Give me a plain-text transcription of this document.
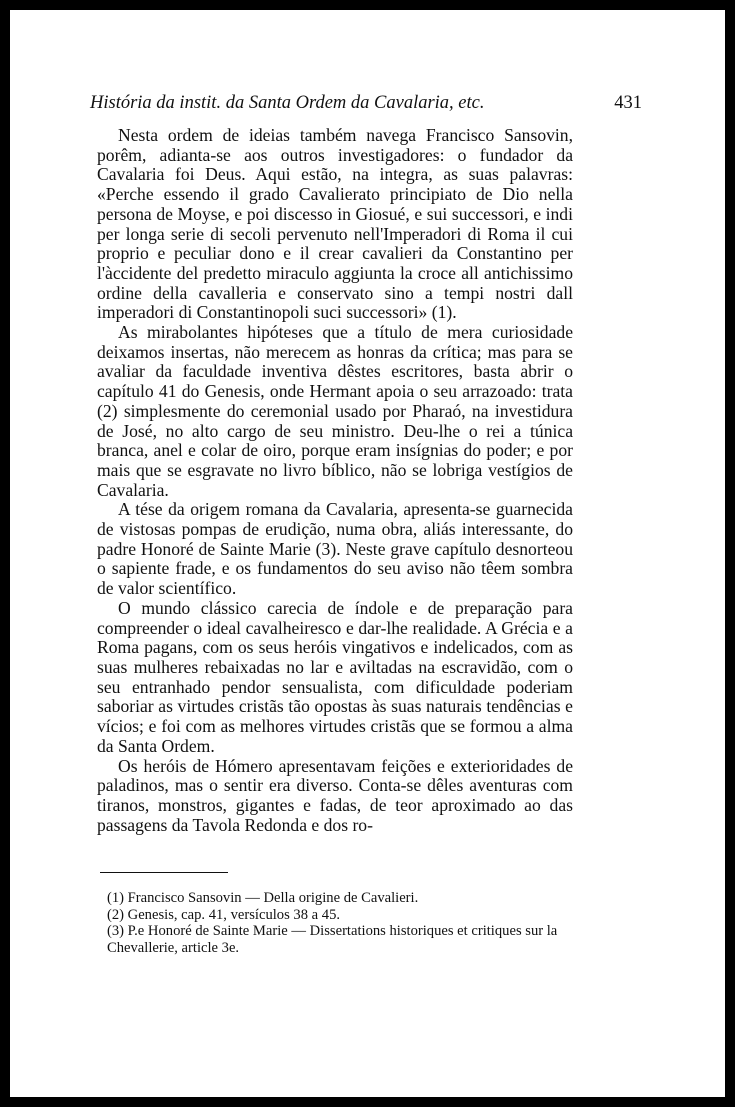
História da instit. da Santa Ordem da Cavalaria, etc.	431

Nesta ordem de ideias também navega Francisco Sansovin, porêm, adianta-se aos outros investigadores: o fundador da Cavalaria foi Deus. Aqui estão, na integra, as suas palavras: «Perche essendo il grado Cavalierato principiato de Dio nella persona de Moyse, e poi discesso in Giosué, e sui successori, e indi per longa serie di secoli pervenuto nell'Imperadori di Roma il cui proprio e peculiar dono e il crear cavalieri da Constantino per l'àccidente del predetto miraculo aggiunta la croce all antichissimo ordine della cavalleria e conservato sino a tempi nostri dall imperadori di Constantinopoli suci successori» (1).

As mirabolantes hipóteses que a título de mera curiosidade deixamos insertas, não merecem as honras da crítica; mas para se avaliar da faculdade inventiva dêstes escritores, basta abrir o capítulo 41 do Genesis, onde Hermant apoia o seu arrazoado: trata (2) simplesmente do ceremonial usado por Pharaó, na investidura de José, no alto cargo de seu ministro. Deu-lhe o rei a túnica branca, anel e colar de oiro, porque eram insígnias do poder; e por mais que se esgravate no livro bíblico, não se lobriga vestígios de Cavalaria.

A tése da origem romana da Cavalaria, apresenta-se guarnecida de vistosas pompas de erudição, numa obra, aliás interessante, do padre Honoré de Sainte Marie (3). Neste grave capítulo desnorteou o sapiente frade, e os fundamentos do seu aviso não têem sombra de valor scientífico.

O mundo clássico carecia de índole e de preparação para compreender o ideal cavalheiresco e dar-lhe realidade. A Grécia e a Roma pagans, com os seus heróis vingativos e indelicados, com as suas mulheres rebaixadas no lar e aviltadas na escravidão, com o seu entranhado pendor sensualista, com dificuldade poderiam saboriar as virtudes cristãs tão opostas às suas naturais tendências e vícios; e foi com as melhores virtudes cristãs que se formou a alma da Santa Ordem.

Os heróis de Hómero apresentavam feições e exterioridades de paladinos, mas o sentir era diverso. Conta-se dêles aventuras com tiranos, monstros, gigantes e fadas, de teor aproximado ao das passagens da Tavola Redonda e dos ro-

(1) Francisco Sansovin — Della origine de Cavalieri.
(2) Genesis, cap. 41, versículos 38 a 45.
(3) P.e Honoré de Sainte Marie — Dissertations historiques et critiques sur la Chevallerie, article 3e.
